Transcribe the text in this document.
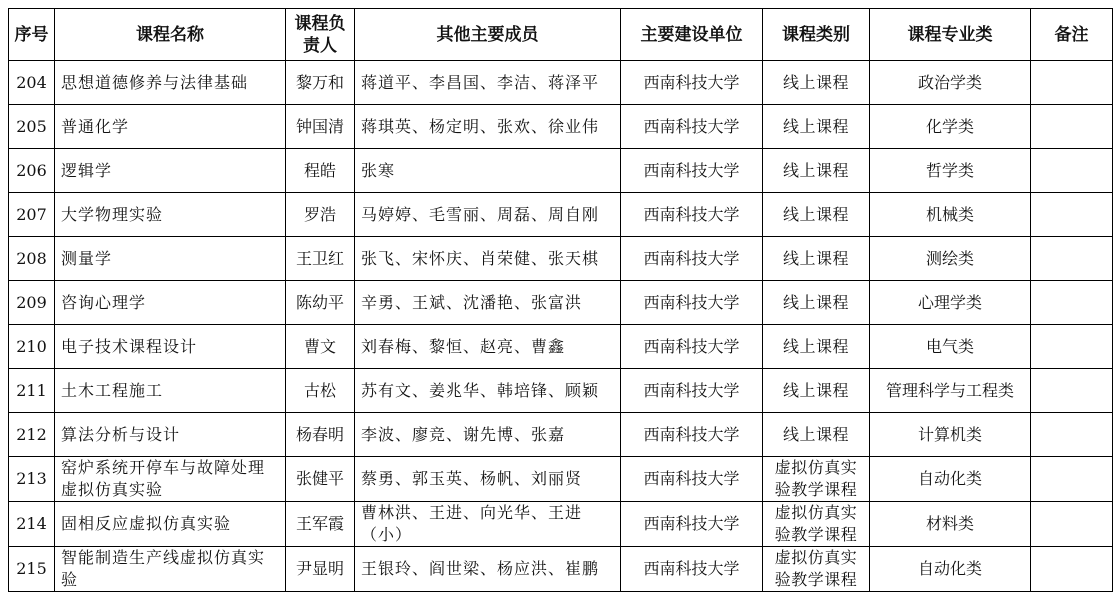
序号	课程名称	课程负责人	其他主要成员	主要建设单位	课程类别	课程专业类	备注
204	思想道德修养与法律基础	黎万和	蒋道平、李昌国、李洁、蒋泽平	西南科技大学	线上课程	政治学类	
205	普通化学	钟国清	蒋琪英、杨定明、张欢、徐业伟	西南科技大学	线上课程	化学类	
206	逻辑学	程皓	张寒	西南科技大学	线上课程	哲学类	
207	大学物理实验	罗浩	马婷婷、毛雪丽、周磊、周自刚	西南科技大学	线上课程	机械类	
208	测量学	王卫红	张飞、宋怀庆、肖荣健、张天棋	西南科技大学	线上课程	测绘类	
209	咨询心理学	陈幼平	辛勇、王斌、沈潘艳、张富洪	西南科技大学	线上课程	心理学类	
210	电子技术课程设计	曹文	刘春梅、黎恒、赵亮、曹鑫	西南科技大学	线上课程	电气类	
211	土木工程施工	古松	苏有文、姜兆华、韩培锋、顾颖	西南科技大学	线上课程	管理科学与工程类	
212	算法分析与设计	杨春明	李波、廖竞、谢先博、张嘉	西南科技大学	线上课程	计算机类	
213	窑炉系统开停车与故障处理虚拟仿真实验	张健平	蔡勇、郭玉英、杨帆、刘丽贤	西南科技大学	虚拟仿真实验教学课程	自动化类	
214	固相反应虚拟仿真实验	王军霞	曹林洪、王进、向光华、王进（小）	西南科技大学	虚拟仿真实验教学课程	材料类	
215	智能制造生产线虚拟仿真实验	尹显明	王银玲、阎世梁、杨应洪、崔鹏	西南科技大学	虚拟仿真实验教学课程	自动化类	
